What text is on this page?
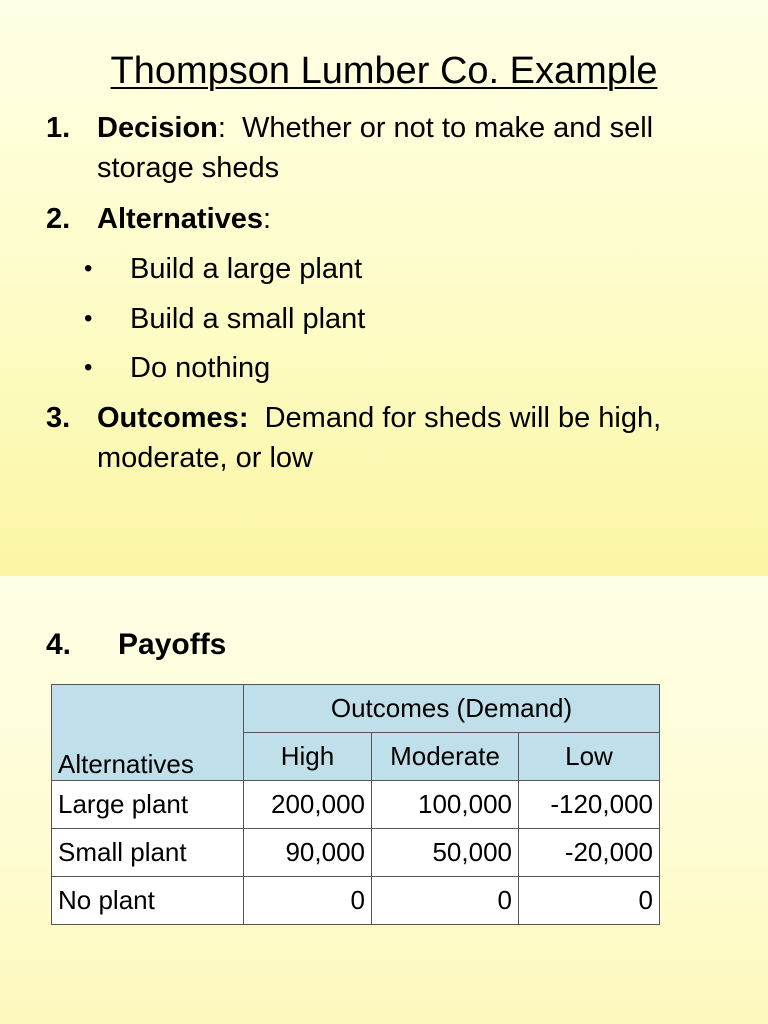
Thompson Lumber Co. Example
1. Decision:  Whether or not to make and sell storage sheds
2. Alternatives:
• Build a large plant
• Build a small plant
• Do nothing
3. Outcomes:  Demand for sheds will be high, moderate, or low
4. Payoffs
Alternatives	Outcomes (Demand)		
	High	Moderate	Low
Large plant	200,000	100,000	-120,000
Small plant	90,000	50,000	-20,000
No plant	0	0	0
